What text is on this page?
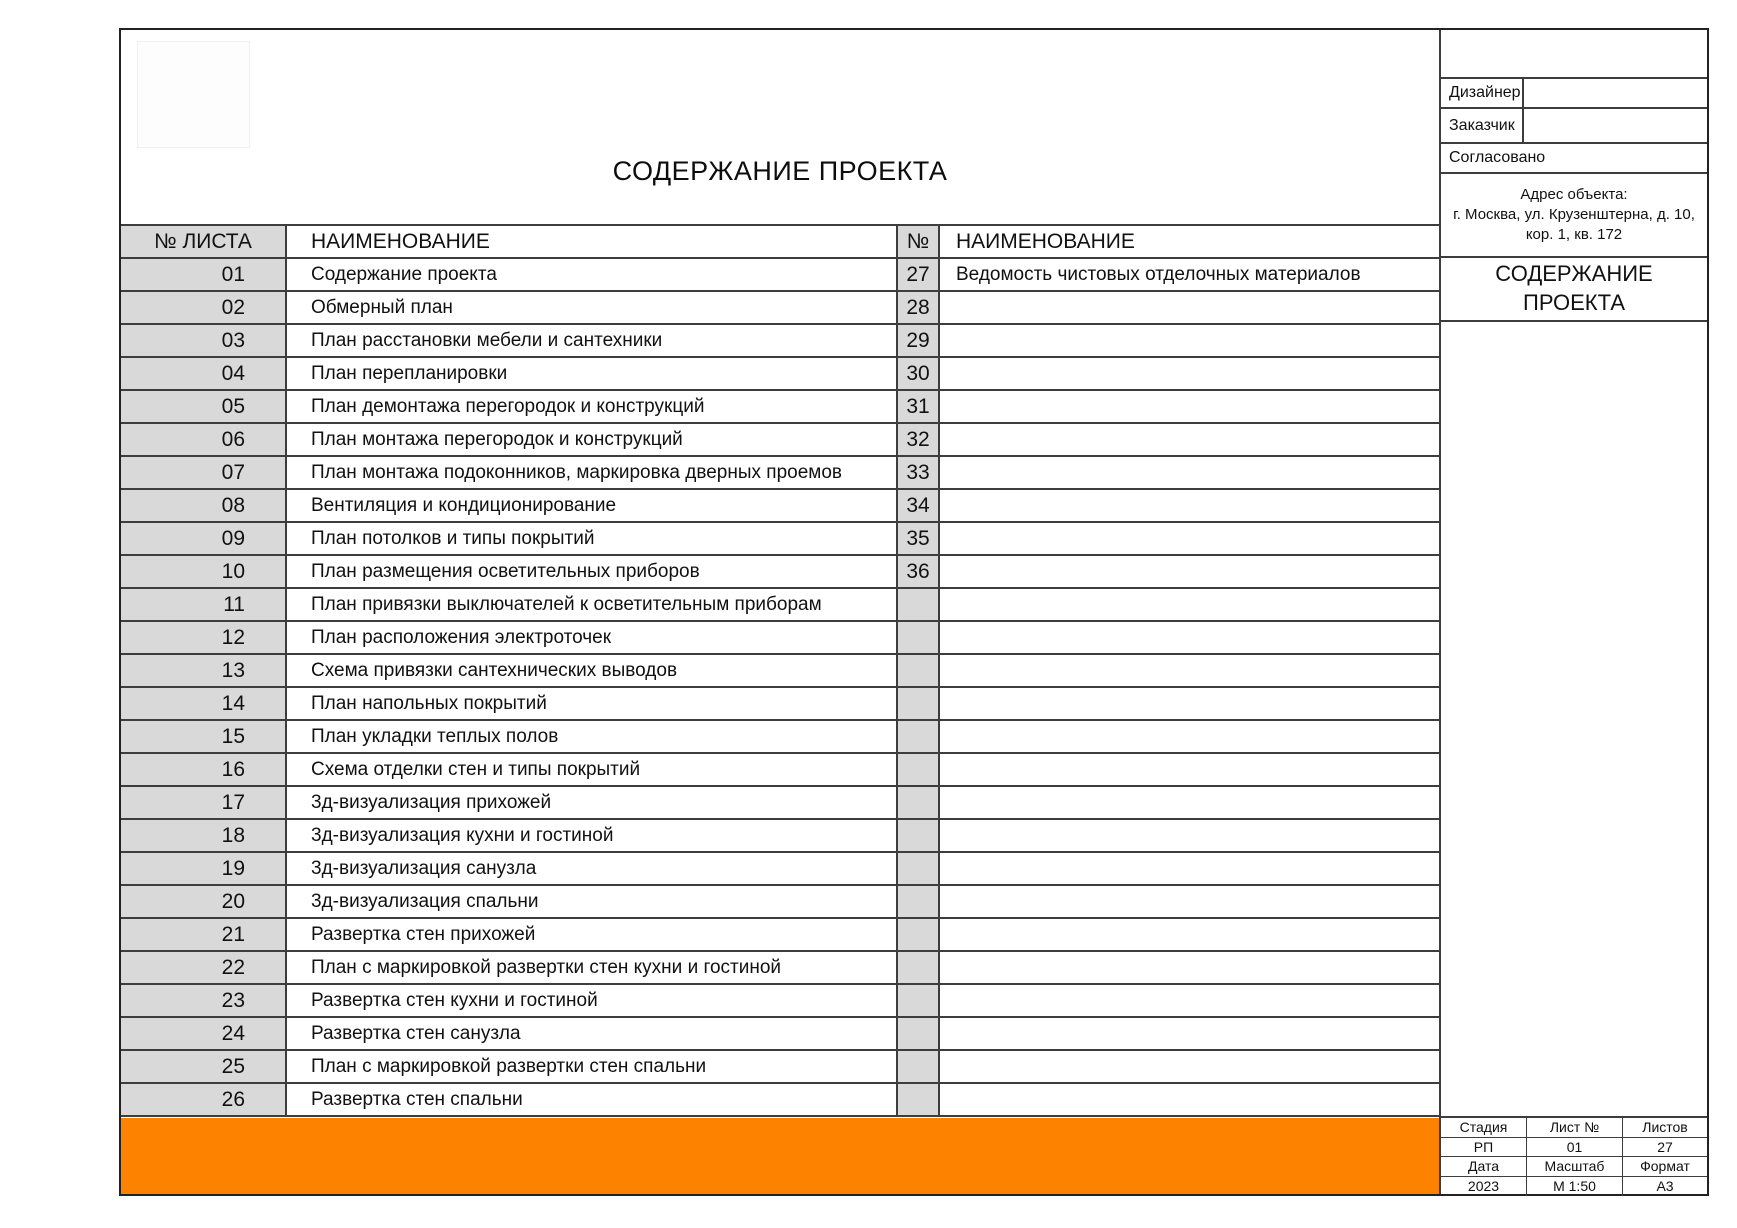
СОДЕРЖАНИЕ ПРОЕКТА
№ ЛИСТА	НАИМЕНОВАНИЕ	№	НАИМЕНОВАНИЕ
01	Содержание проекта	27	Ведомость чистовых отделочных материалов
02	Обмерный план	28
03	План расстановки мебели и сантехники	29
04	План перепланировки	30
05	План демонтажа перегородок и конструкций	31
06	План монтажа перегородок и конструкций	32
07	План монтажа подоконников, маркировка дверных проемов	33
08	Вентиляция и кондиционирование	34
09	План потолков и типы покрытий	35
10	План размещения осветительных приборов	36
11	План привязки выключателей к осветительным приборам
12	План расположения электроточек
13	Схема привязки сантехнических выводов
14	План напольных покрытий
15	План укладки теплых полов
16	Схема отделки стен и типы покрытий
17	3д-визуализация прихожей
18	3д-визуализация кухни и гостиной
19	3д-визуализация санузла
20	3д-визуализация спальни
21	Развертка стен прихожей
22	План с маркировкой развертки стен кухни и гостиной
23	Развертка стен кухни и гостиной
24	Развертка стен санузла
25	План с маркировкой развертки стен спальни
26	Развертка стен спальни
Дизайнер
Заказчик
Согласовано
Адрес объекта:
г. Москва, ул. Крузенштерна, д. 10,
кор. 1, кв. 172
СОДЕРЖАНИЕ ПРОЕКТА
Стадия	Лист №	Листов
РП	01	27
Дата	Масштаб	Формат
2023	М 1:50	А3
